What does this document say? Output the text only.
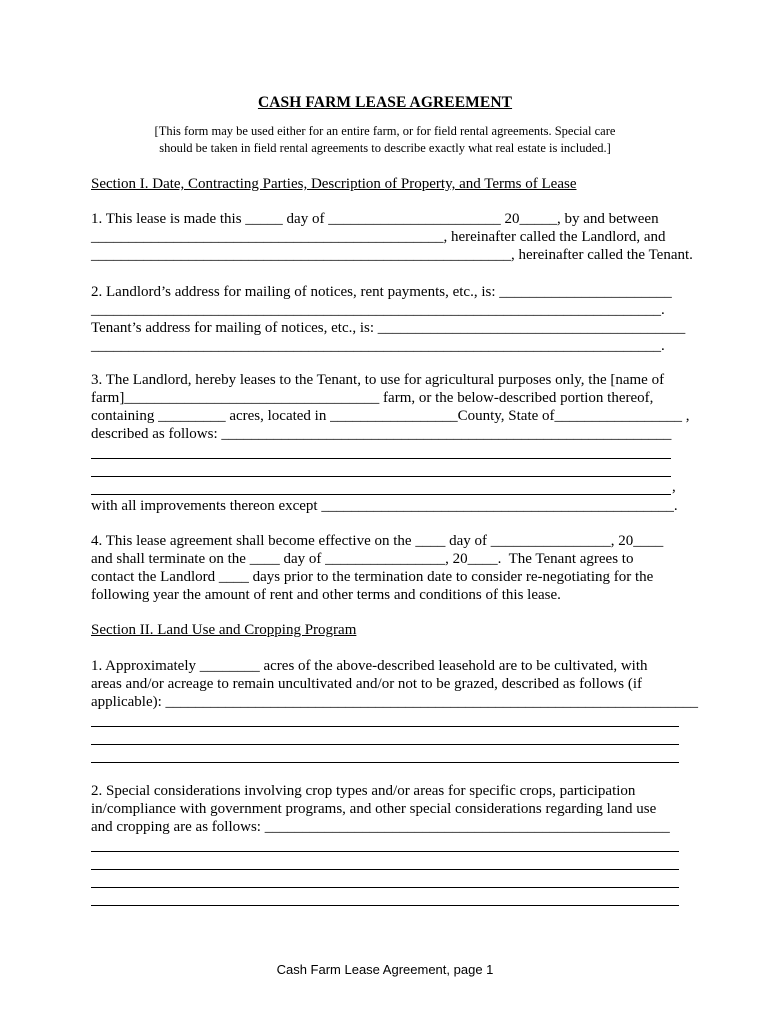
CASH FARM LEASE AGREEMENT
[This form may be used either for an entire farm, or for field rental agreements. Special care
should be taken in field rental agreements to describe exactly what real estate is included.]
Section I. Date, Contracting Parties, Description of Property, and Terms of Lease
1. This lease is made this _____ day of _______________________ 20_____, by and between
_______________________________________________, hereinafter called the Landlord, and
________________________________________________________, hereinafter called the Tenant.
2. Landlord’s address for mailing of notices, rent payments, etc., is: _______________________
____________________________________________________________________________.
Tenant’s address for mailing of notices, etc., is: _________________________________________
____________________________________________________________________________.
3. The Landlord, hereby leases to the Tenant, to use for agricultural purposes only, the [name of
farm]__________________________________ farm, or the below-described portion thereof,
containing _________ acres, located in _________________County, State of_________________ ,
described as follows: ____________________________________________________________
,
with all improvements thereon except _______________________________________________.
4. This lease agreement shall become effective on the ____ day of ________________, 20____
and shall terminate on the ____ day of ________________, 20____.  The Tenant agrees to
contact the Landlord ____ days prior to the termination date to consider re-negotiating for the
following year the amount of rent and other terms and conditions of this lease.
Section II. Land Use and Cropping Program
1. Approximately ________ acres of the above-described leasehold are to be cultivated, with
areas and/or acreage to remain uncultivated and/or not to be grazed, described as follows (if
applicable): _______________________________________________________________________
2. Special considerations involving crop types and/or areas for specific crops, participation
in/compliance with government programs, and other special considerations regarding land use
and cropping are as follows: ______________________________________________________
Cash Farm Lease Agreement, page 1
